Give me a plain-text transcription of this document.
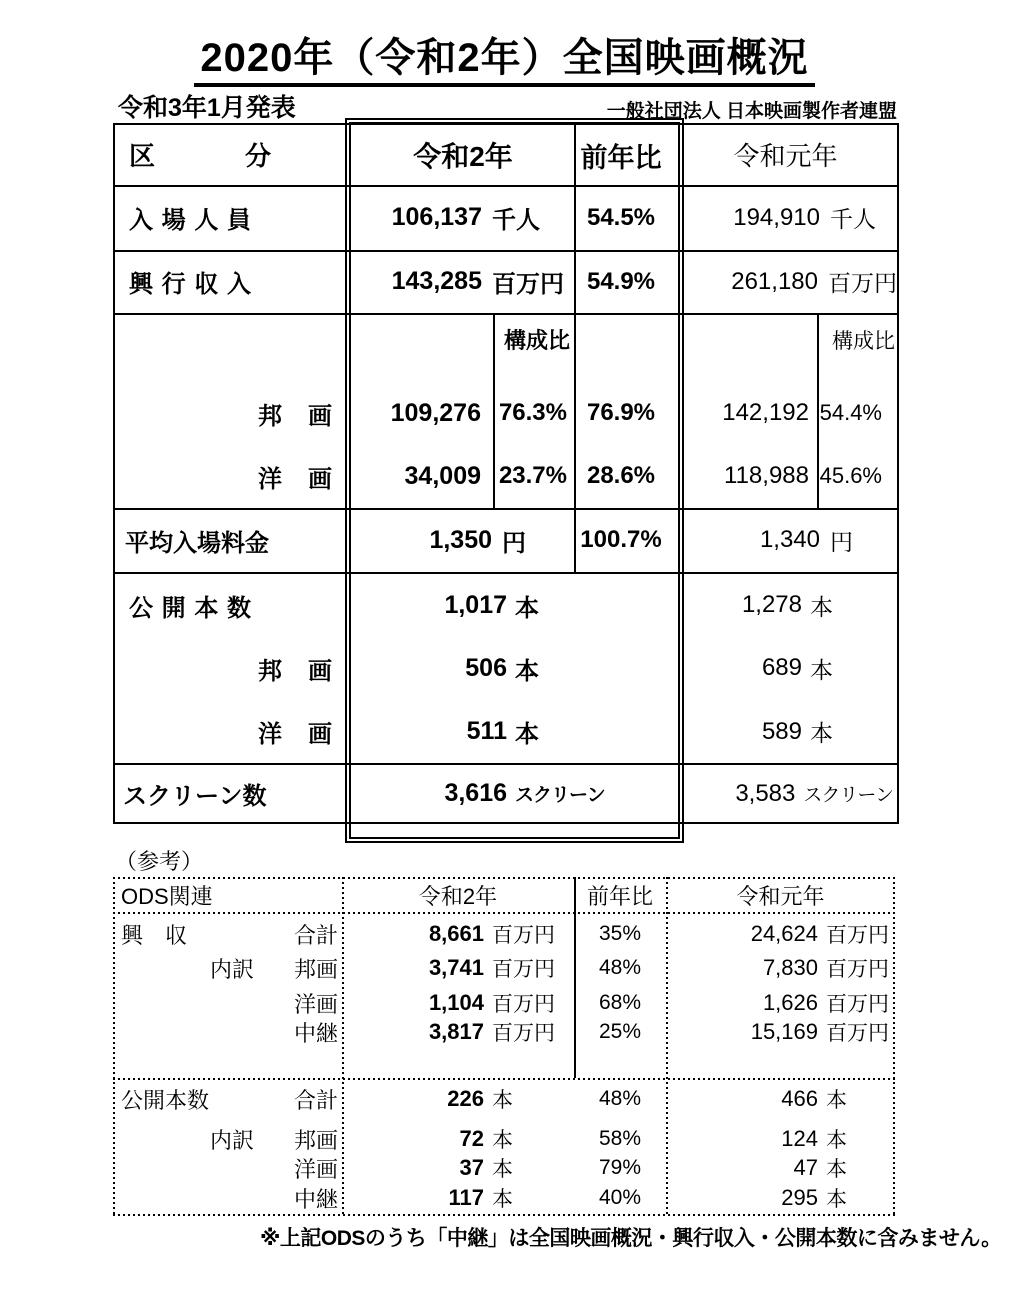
2020年（令和2年）全国映画概況
令和3年1月発表	一般社団法人 日本映画製作者連盟
区	分	令和2年	前年比	令和元年
入 場 人 員	106,137 千人 54.5%	194,910 千人
興 行 収 入	143,285 百万円 54.9%	261,180 百万円
構成比	構成比
邦　画 109,276 76.3% 76.9%	142,192 54.4%
洋　画	34,009 23.7% 28.6%	118,988 45.6%
平均入場料金	1,350 円 100.7%	1,340 円
公 開 本 数	1,017 本	1,278 本
邦　画	506 本	689 本
洋　画	511 本	589 本
スクリーン数	3,616 スクリーン	3,583 スクリーン
（参考）
ODS関連	令和2年	前年比	令和元年
興　収	合計	8,661 百万円 35%	24,624 百万円
内訳 邦画	3,741 百万円 48%	7,830 百万円
洋画	1,104 百万円 68%	1,626 百万円
中継	3,817 百万円 25%	15,169 百万円
公開本数	合計	226 本	48%	466 本
内訳 邦画	72 本	58%	124 本
洋画	37 本	79%	47 本
中継	117 本	40%	295 本
※上記ODSのうち「中継」は全国映画概況・興行収入・公開本数に含みません。
